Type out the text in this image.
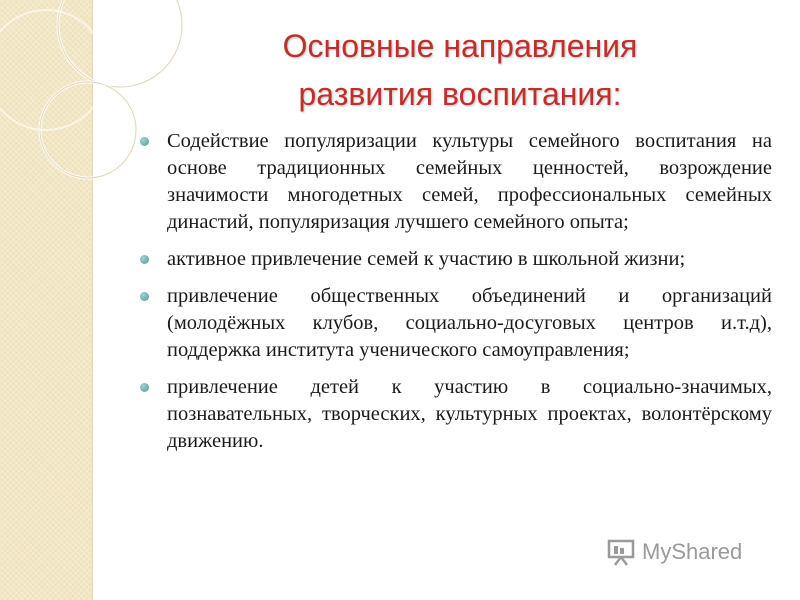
Основные направления
развития воспитания:
Содействие популяризации культуры семейного воспитания на основе традиционных семейных ценностей, возрождение значимости многодетных семей, профессиональных семейных династий, популяризация лучшего семейного опыта;
активное привлечение семей к участию в школьной жизни;
привлечение общественных объединений и организаций (молодёжных клубов, социально-досуговых центров и.т.д), поддержка института ученического самоуправления;
привлечение детей к участию в социально-значимых, познавательных, творческих, культурных проектах, волонтёрскому движению.
MyShared
